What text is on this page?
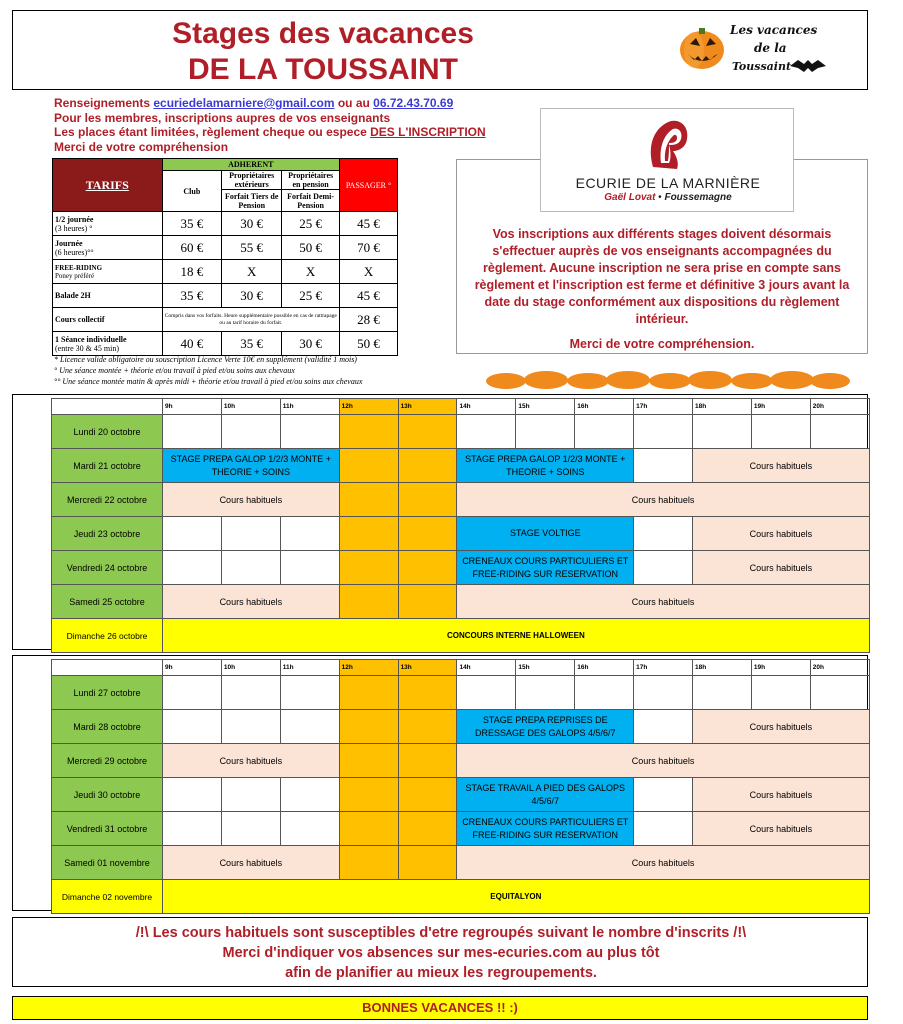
Stages des vacances
DE LA TOUSSAINT
Les vacances
de la
Toussaint
Renseignements ecuriedelamarniere@gmail.com ou au 06.72.43.70.69
Pour les membres, inscriptions aupres de vos enseignants
Les places étant limitées, règlement cheque ou espece DES L'INSCRIPTION
Merci de votre compréhension
TARIFS	ADHERENT			PASSAGER °
	Club	Propriétaires extérieurs	Propriétaires en pension	
		Forfait Tiers de Pension	Forfait Demi-Pension	

1/2 journée
(3 heures) °	35 €	30 €	25 €	45 €

Journée
(6 heures)°°	60 €	55 €	50 €	70 €

FREE-RIDING
Poney préféré	18 €	X	X	X
Balade 2H	35 €	30 €	25 €	45 €
Cours collectif	Compris dans vos forfaits. Heure supplémentaire possible en cas de rattrapage ou au tarif horaire du forfait.			28 €

1 Séance individuelle
(entre 30 & 45 min)	40 €	35 €	30 €	50 €
* Licence valide obligatoire ou souscription Licence Verte 10€ en supplément (validité 1 mois)
° Une séance montée + théorie et/ou travail à pied et/ou soins aux chevaux
°° Une séance montée matin & après midi + théorie et/ou travail à pied et/ou soins aux chevaux
ECURIE DE LA MARNIÈRE
Gaël Lovat • Foussemagne
Vos inscriptions aux différents stages doivent désormais s'effectuer auprès de vos enseignants accompagnées du règlement. Aucune inscription ne sera prise en compte sans règlement et l'inscription est ferme et définitive 3 jours avant la date du stage conformément aux dispositions du règlement intérieur.
Merci de votre compréhension.
	9h	10h	11h	12h	13h	14h	15h	16h	17h	18h	19h	20h
Lundi 20 octobre												
Mardi 21 octobre	STAGE PREPA GALOP 1/2/3 MONTE + THEORIE + SOINS					STAGE PREPA GALOP 1/2/3 MONTE + THEORIE + SOINS				Cours habituels		
Mercredi 22 octobre	Cours habituels					Cours habituels						
Jeudi 23 octobre						STAGE VOLTIGE				Cours habituels		
Vendredi 24 octobre						CRENEAUX COURS PARTICULIERS ET FREE-RIDING SUR RESERVATION				Cours habituels		
Samedi 25 octobre	Cours habituels					Cours habituels						
Dimanche 26 octobre	CONCOURS INTERNE HALLOWEEN											
	9h	10h	11h	12h	13h	14h	15h	16h	17h	18h	19h	20h
Lundi 27 octobre												
Mardi 28 octobre						STAGE PREPA REPRISES DE DRESSAGE DES GALOPS 4/5/6/7				Cours habituels		
Mercredi 29 octobre	Cours habituels					Cours habituels						
Jeudi 30 octobre						STAGE TRAVAIL A PIED DES GALOPS 4/5/6/7				Cours habituels		
Vendredi 31 octobre						CRENEAUX COURS PARTICULIERS ET FREE-RIDING SUR RESERVATION				Cours habituels		
Samedi 01 novembre	Cours habituels					Cours habituels						
Dimanche 02 novembre	EQUITALYON											
/!\ Les cours habituels sont susceptibles d'etre regroupés suivant le nombre d'inscrits /!\
Merci d'indiquer vos absences sur mes-ecuries.com au plus tôt
afin de planifier au mieux les regroupements.
BONNES VACANCES !! :)
